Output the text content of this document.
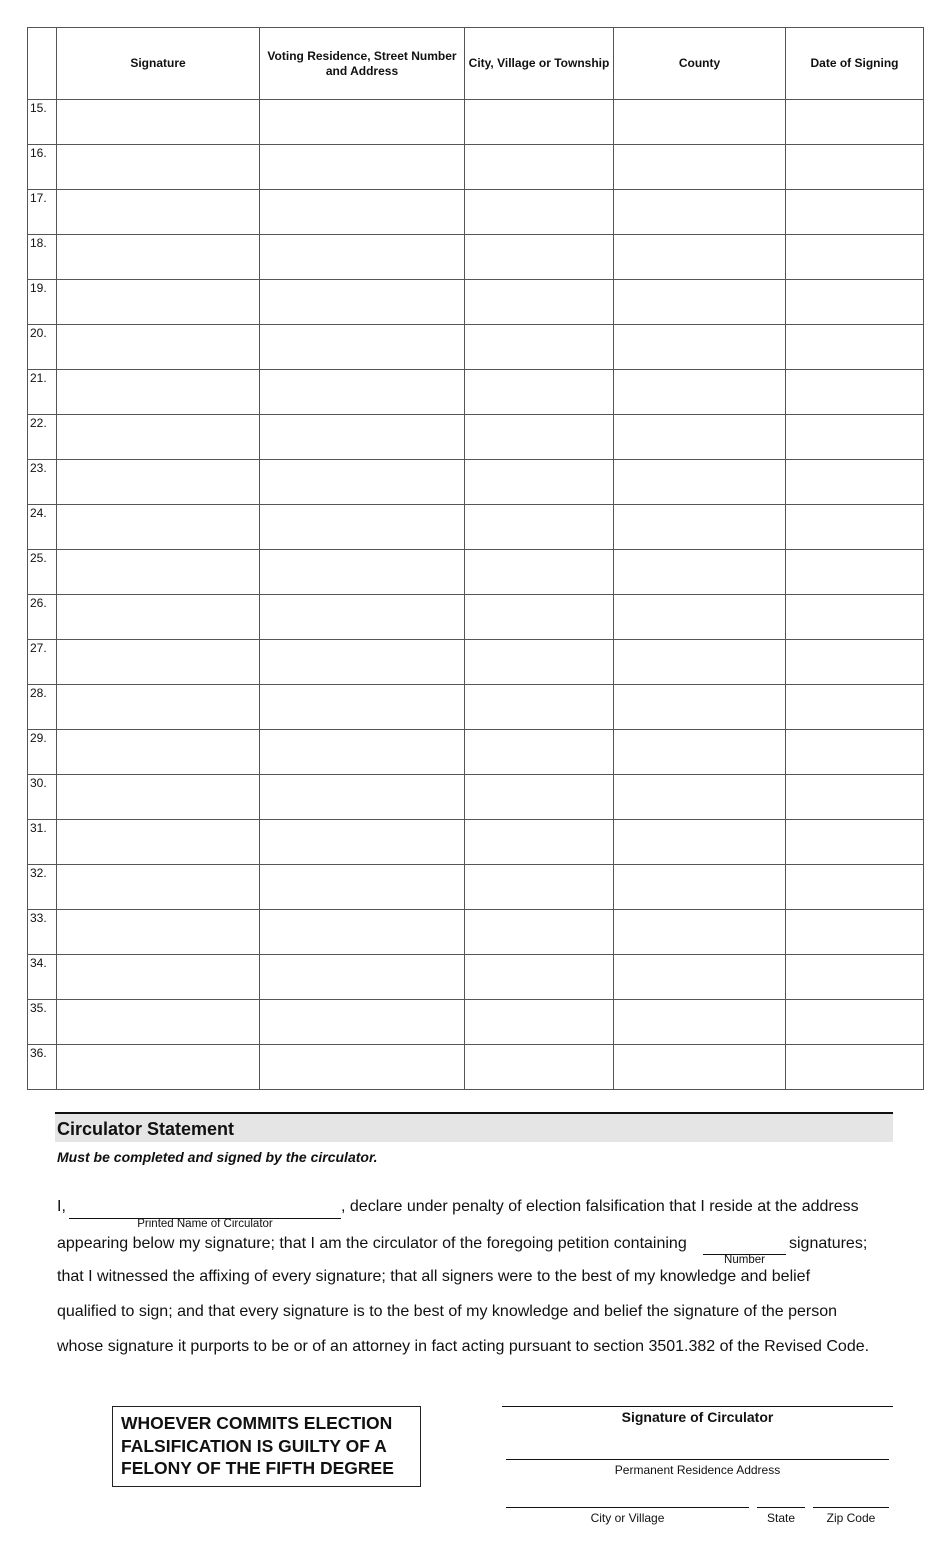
	Signature	Voting Residence, Street Number and Address	City, Village or Township	County	Date of Signing
15.					
16.					
17.					
18.					
19.					
20.					
21.					
22.					
23.					
24.					
25.					
26.					
27.					
28.					
29.					
30.					
31.					
32.					
33.					
34.					
35.					
36.					
Circulator Statement
Must be completed and signed by the circulator.
I,	, declare under penalty of election falsification that I reside at the address
Printed Name of Circulator
appearing below my signature; that I am the circulator of the foregoing petition containing	signatures;
Number
that I witnessed the affixing of every signature; that all signers were to the best of my knowledge and belief
qualified to sign; and that every signature is to the best of my knowledge and belief the signature of the person
whose signature it purports to be or of an attorney in fact acting pursuant to section 3501.382 of the Revised Code.
WHOEVER COMMITS ELECTION FALSIFICATION IS GUILTY OF A FELONY OF THE FIFTH DEGREE
Signature of Circulator
Permanent Residence Address
City or Village	State	Zip Code
